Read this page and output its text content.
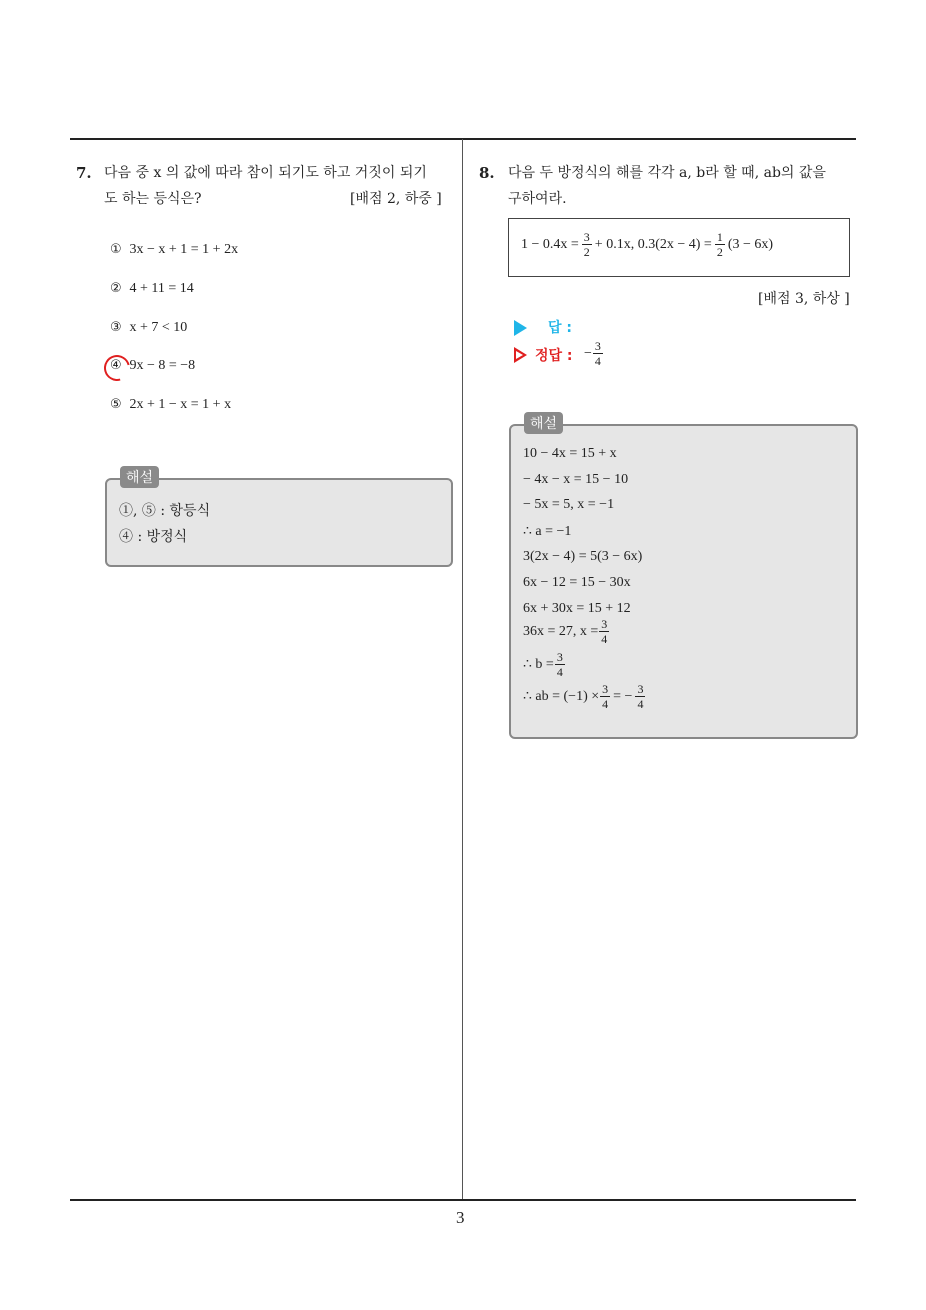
3
7. 다음 중 x 의 값에 따라 참이 되기도 하고 거짓이 되기
도 하는 등식은?	[배점 2, 하중 ]
① 3x − x + 1 = 1 + 2x
② 4 + 11 = 14
③ x + 7 < 10
④ 9x − 8 = −8
⑤ 2x + 1 − x = 1 + x
①, ⑤ : 항등식
④ : 방정식
해설
8. 다음 두 방정식의 해를 각각 a, b라 할 때, ab의 값을
구하여라.
$1 - 0.4x = \frac{3}{2} + 0.1x$, $0.3(2x - 4) = \frac{1}{2} (3 - 6x)$
[배점 3, 하상 ]
답 :
정답 : − $\frac{3}{4}$
10 − 4x = 15 + x
− 4x − x = 15 − 10
− 5x = 5, x = −1
∴ a = −1
3(2x − 4) = 5(3 − 6x)
6x − 12 = 15 − 30x
6x + 30x = 15 + 12
36x = 27, $x = \frac{3}{4}$
∴ $b = \frac{3}{4}$
∴ ab = $(-1) \times \frac{3}{4}$ = − $\frac{3}{4}$
해설
